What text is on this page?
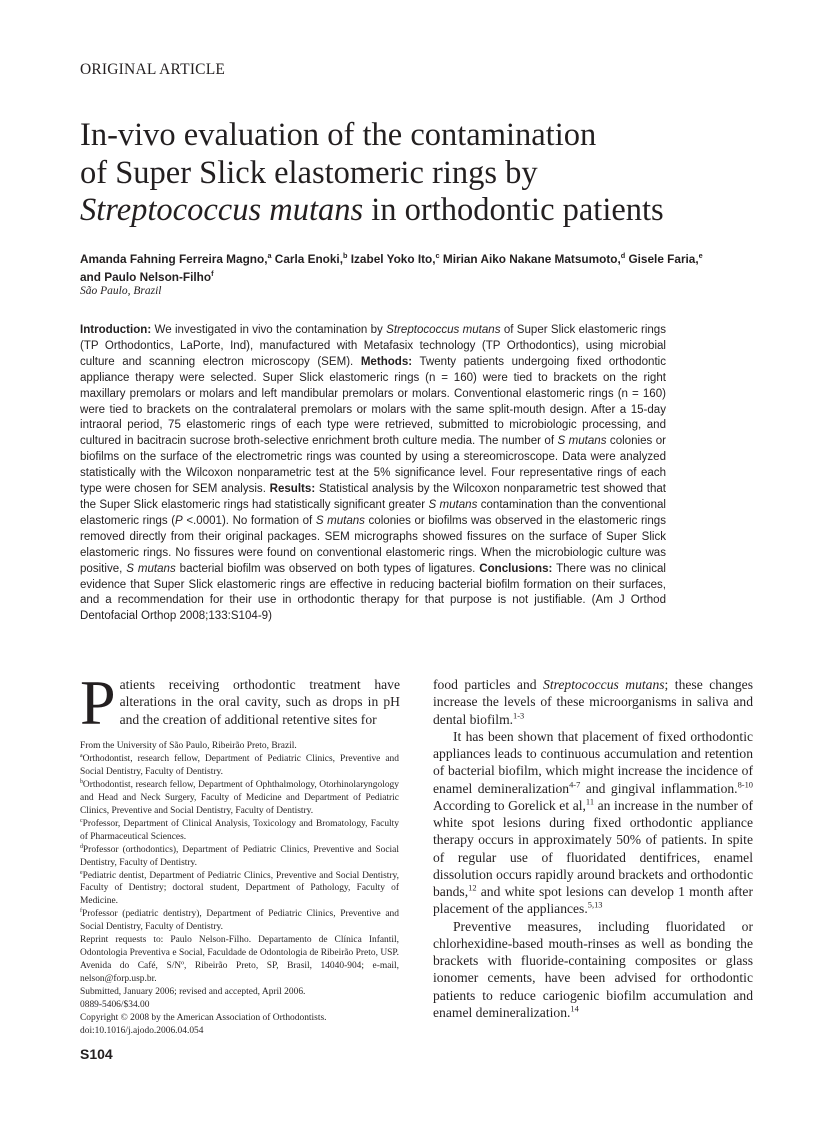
ORIGINAL ARTICLE
In-vivo evaluation of the contamination
of Super Slick elastomeric rings by
Streptococcus mutans in orthodontic patients
Amanda Fahning Ferreira Magno,$^a$ Carla Enoki,$^b$ Izabel Yoko Ito,$^c$ Mirian Aiko Nakane Matsumoto,$^d$ Gisele Faria,$^e$ and Paulo Nelson-Filho$^f$
São Paulo, Brazil
Introduction: We investigated in vivo the contamination by Streptococcus mutans of Super Slick elastomeric rings (TP Orthodontics, LaPorte, Ind), manufactured with Metafasix technology (TP Orthodontics), using microbial culture and scanning electron microscopy (SEM). Methods: Twenty patients undergoing fixed orthodontic appliance therapy were selected. Super Slick elastomeric rings (n = 160) were tied to brackets on the right maxillary premolars or molars and left mandibular premolars or molars. Conventional elastomeric rings (n = 160) were tied to brackets on the contralateral premolars or molars with the same split-mouth design. After a 15-day intraoral period, 75 elastomeric rings of each type were retrieved, submitted to microbiologic processing, and cultured in bacitracin sucrose broth-selective enrichment broth culture media. The number of S mutans colonies or biofilms on the surface of the electrometric rings was counted by using a stereomicroscope. Data were analyzed statistically with the Wilcoxon nonparametric test at the 5% significance level. Four representative rings of each type were chosen for SEM analysis. Results: Statistical analysis by the Wilcoxon nonparametric test showed that the Super Slick elastomeric rings had statistically significant greater S mutans contamination than the conventional elastomeric rings (P <.0001). No formation of S mutans colonies or biofilms was observed in the elastomeric rings removed directly from their original packages. SEM micrographs showed fissures on the surface of Super Slick elastomeric rings. No fissures were found on conventional elastomeric rings. When the microbiologic culture was positive, S mutans bacterial biofilm was observed on both types of ligatures. Conclusions: There was no clinical evidence that Super Slick elastomeric rings are effective in reducing bacterial biofilm formation on their surfaces, and a recommendation for their use in orthodontic therapy for that purpose is not justifiable. (Am J Orthod Dentofacial Orthop 2008;133:S104-9)
P atients receiving orthodontic treatment have alterations in the oral cavity, such as drops in pH and the creation of additional retentive sites for

From the University of São Paulo, Ribeirão Preto, Brazil.

$^a$Orthodontist, research fellow, Department of Pediatric Clinics, Preventive and Social Dentistry, Faculty of Dentistry.

$^b$Orthodontist, research fellow, Department of Ophthalmology, Otorhinolaryngology and Head and Neck Surgery, Faculty of Medicine and Department of Pediatric Clinics, Preventive and Social Dentistry, Faculty of Dentistry.

$^c$Professor, Department of Clinical Analysis, Toxicology and Bromatology, Faculty of Pharmaceutical Sciences.

$^d$Professor (orthodontics), Department of Pediatric Clinics, Preventive and Social Dentistry, Faculty of Dentistry.

$^e$Pediatric dentist, Department of Pediatric Clinics, Preventive and Social Dentistry, Faculty of Dentistry; doctoral student, Department of Pathology, Faculty of Medicine.

$^f$Professor (pediatric dentistry), Department of Pediatric Clinics, Preventive and Social Dentistry, Faculty of Dentistry.

Reprint requests to: Paulo Nelson-Filho. Departamento de Clínica Infantil, Odontologia Preventiva e Social, Faculdade de Odontologia de Ribeirão Preto, USP. Avenida do Café, S/Nº, Ribeirão Preto, SP, Brasil, 14040-904; e-mail, nelson@forp.usp.br.

Submitted, January 2006; revised and accepted, April 2006.

0889-5406/$34.00

Copyright © 2008 by the American Association of Orthodontists.

doi:10.1016/j.ajodo.2006.04.054

S104

food particles and Streptococcus mutans; these changes increase the levels of these microorganisms in saliva and dental biofilm.$^{1-3}$

It has been shown that placement of fixed orthodontic appliances leads to continuous accumulation and retention of bacterial biofilm, which might increase the incidence of enamel demineralization$^{4-7}$ and gingival inflammation.$^{8-10}$ According to Gorelick et al,$^{11}$ an increase in the number of white spot lesions during fixed orthodontic appliance therapy occurs in approximately 50% of patients. In spite of regular use of fluoridated dentifrices, enamel dissolution occurs rapidly around brackets and orthodontic bands,$^{12}$ and white spot lesions can develop 1 month after placement of the appliances.$^{5,13}$

Preventive measures, including fluoridated or chlorhexidine-based mouth-rinses as well as bonding the brackets with fluoride-containing composites or glass ionomer cements, have been advised for orthodontic patients to reduce cariogenic biofilm accumulation and enamel demineralization.$^{14}$
